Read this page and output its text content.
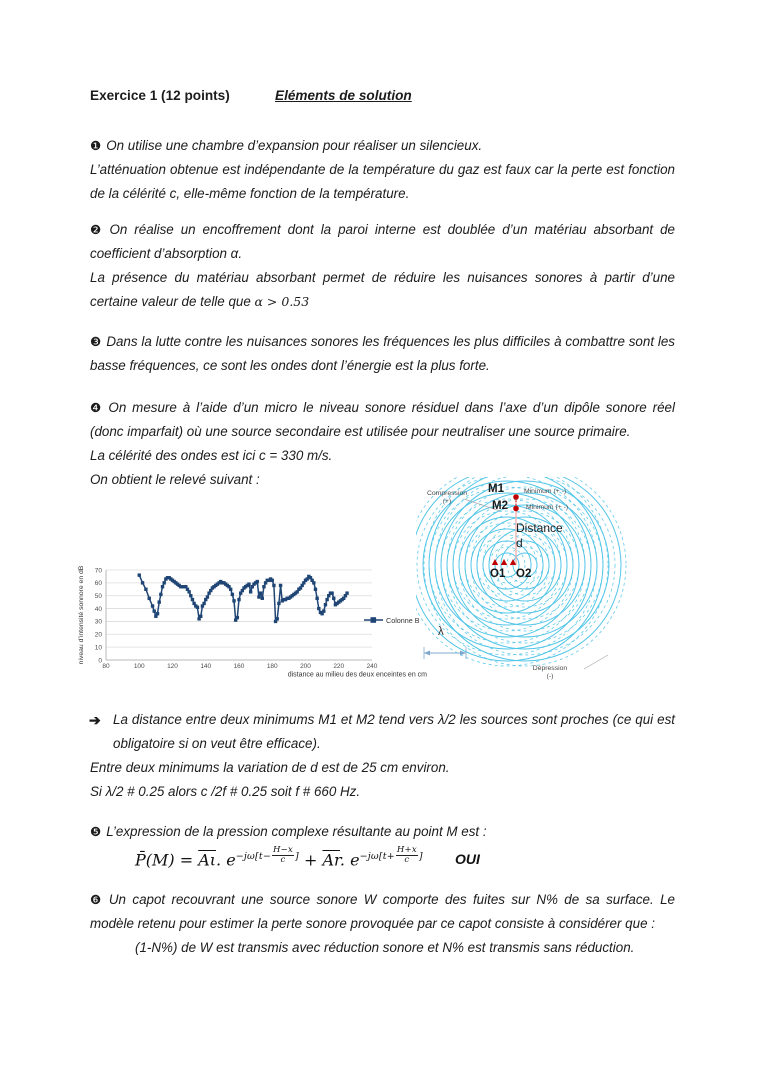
Exercice 1 (12 points)	Eléments de solution
❶ On utilise une chambre d’expansion pour réaliser un silencieux.
L’atténuation obtenue est indépendante de la température du gaz est faux car la perte est fonction de la célérité c, elle-même fonction de la température.
❷ On réalise un encoffrement dont la paroi interne est doublée d’un matériau absorbant de coefficient d’absorption α.
La présence du matériau absorbant permet de réduire les nuisances sonores à partir d’une certaine valeur de telle que α > 0.53
❸ Dans la lutte contre les nuisances sonores les fréquences les plus difficiles à combattre sont les basse fréquences, ce sont les ondes dont l’énergie est la plus forte.
❹ On mesure à l’aide d’un micro le niveau sonore résiduel dans l’axe d’un dipôle sonore réel (donc imparfait) où une source secondaire est utilisée pour neutraliser une source primaire.
La célérité des ondes est ici c = 330 m/s.
On obtient le relevé suivant :
0
10
20
30
40
50
60
70
80	100	120	140	160	180	200	220	240
Colonne B
distance au milieu des deux enceintes en cm
niveau d’intensité sonnore en dB
M1	Minimum (+ -)
M2	Minimum (+ -)
Distance
d
O1 O2
Compression
(+)
λ
Dépression
(-)
➔ La distance entre deux minimums M1 et M2 tend vers λ/2 les sources sont proches (ce qui est obligatoire si on veut être efficace).
Entre deux minimums la variation de d est de 25 cm environ.
Si λ/2 # 0.25 alors c /2f # 0.25 soit f # 660 Hz.
❺ L’expression de la pression complexe résultante au point M est :
P̄(M) = $\overline{A\iota}$. $e^{-j\omega[t- \frac{H-x}{c} ]} + \overline{Ar}$. $e^{-j\omega[t+ \frac{H+x}{c} ]}$ OUI
❻ Un capot recouvrant une source sonore W comporte des fuites sur N% de sa surface. Le modèle retenu pour estimer la perte sonore provoquée par ce capot consiste à considérer que :
(1-N%) de W est transmis avec réduction sonore et N% est transmis sans réduction.
